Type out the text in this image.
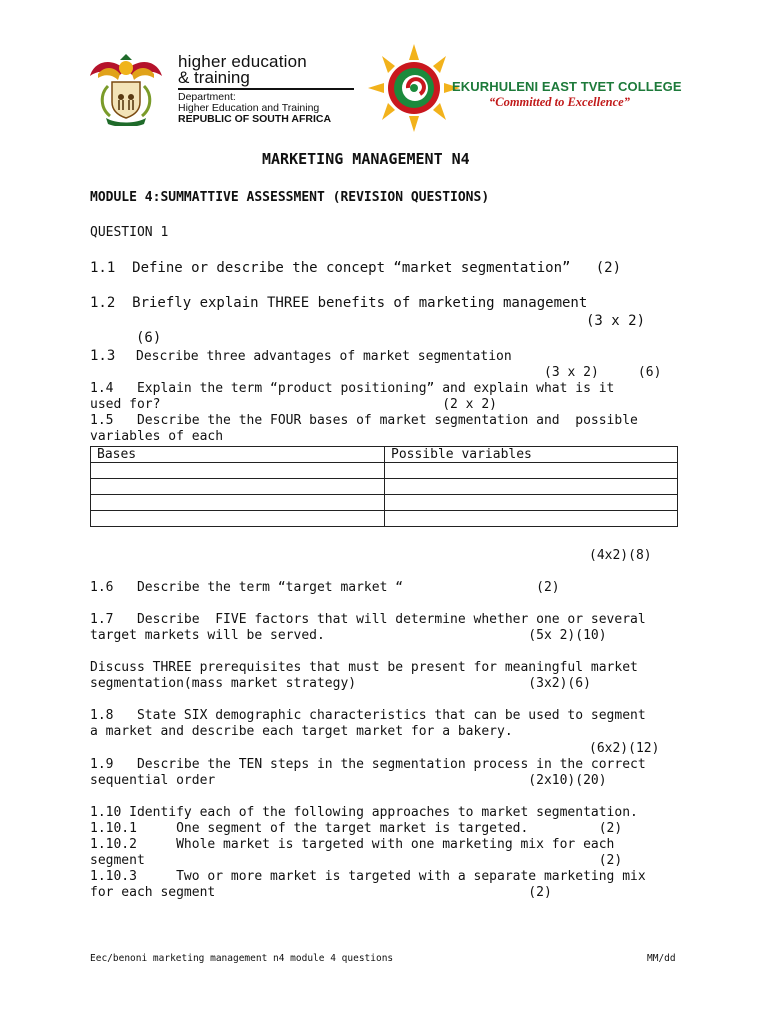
higher education
& training
Department:
Higher Education and Training
REPUBLIC OF SOUTH AFRICA
EKURHULENI EAST TVET COLLEGE
“Committed to Excellence”
MARKETING MANAGEMENT N4
MODULE 4:SUMMATTIVE ASSESSMENT (REVISION QUESTIONS)
QUESTION 1
1.1  Define or describe the concept “market segmentation”   (2)
1.2  Briefly explain THREE benefits of marketing management
(3 x 2)
(6)
1.3 Describe three advantages of market segmentation
(3 x 2)     (6)
1.4   Explain the term “product positioning” and explain what is it
used for?                                    (2 x 2)
1.5   Describe the the FOUR bases of market segmentation and  possible
variables of each
Bases	Possible variables

(4x2)(8)
1.6   Describe the term “target market “                 (2)
1.7   Describe  FIVE factors that will determine whether one or several
target markets will be served.                          (5x 2)(10)
Discuss THREE prerequisites that must be present for meaningful market
segmentation(mass market strategy)                      (3x2)(6)
1.8   State SIX demographic characteristics that can be used to segment
a market and describe each target market for a bakery.
(6x2)(12)
1.9   Describe the TEN steps in the segmentation process in the correct
sequential order                                        (2x10)(20)
1.10 Identify each of the following approaches to market segmentation.
1.10.1     One segment of the target market is targeted.         (2)
1.10.2     Whole market is targeted with one marketing mix for each
segment                                                          (2)
1.10.3     Two or more market is targeted with a separate marketing mix
for each segment                                        (2)
Eec/benoni marketing management n4 module 4 questions	MM/dd
